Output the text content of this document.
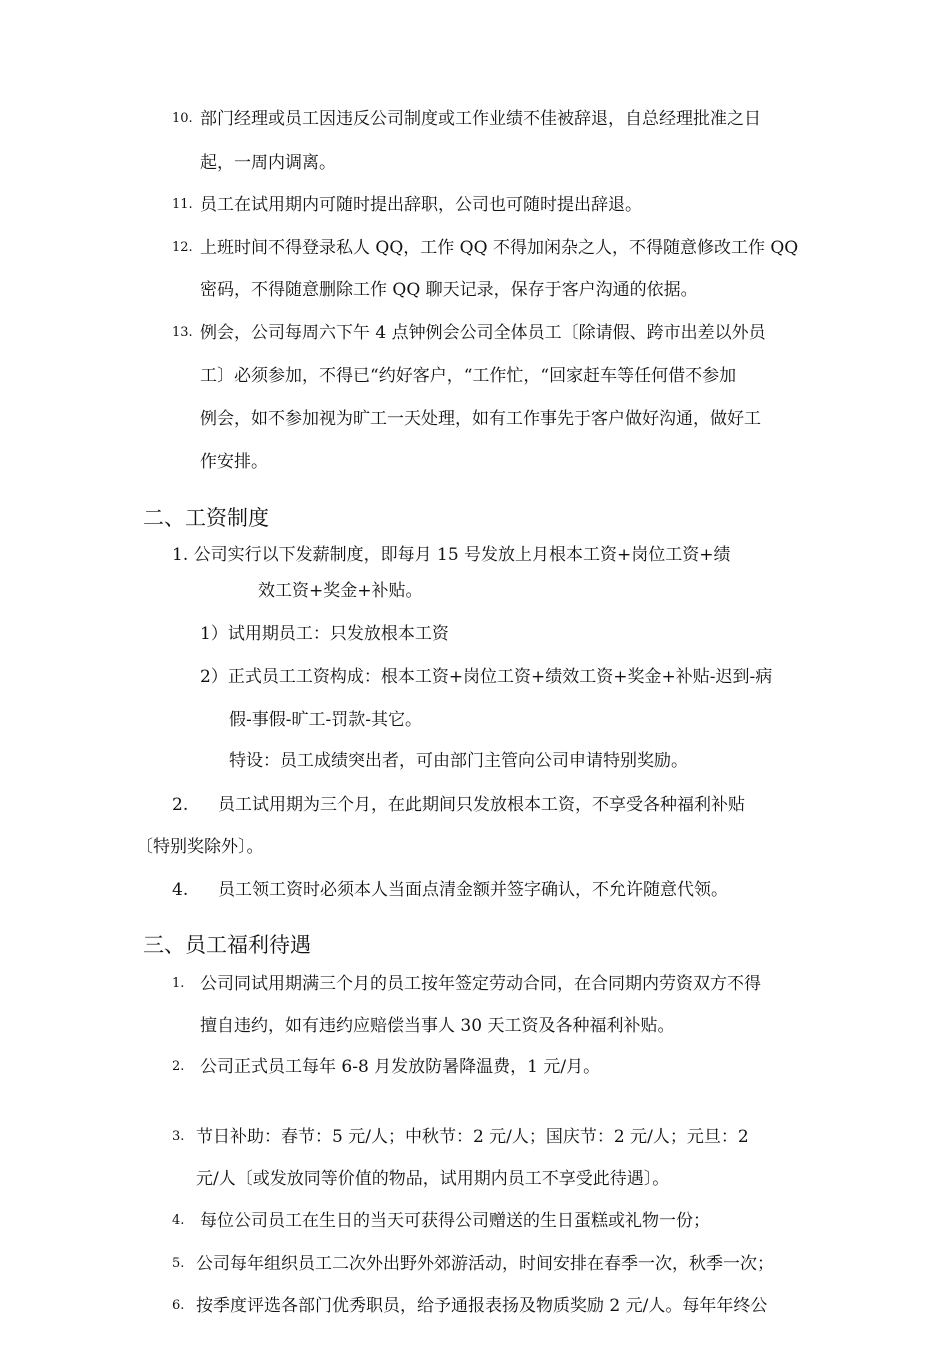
10. 部门经理或员工因违反公司制度或工作业绩不佳被辞退，自总经理批准之日
起，一周内调离。
11. 员工在试用期内可随时提出辞职，公司也可随时提出辞退。
12. 上班时间不得登录私人 QQ，工作 QQ 不得加闲杂之人，不得随意修改工作 QQ
密码，不得随意删除工作 QQ 聊天记录，保存于客户沟通的依据。
13. 例会，公司每周六下午 4 点钟例会公司全体员工〔除请假、跨市出差以外员
工〕必须参加，不得已“约好客户，“工作忙，“回家赶车等任何借不参加
例会，如不参加视为旷工一天处理，如有工作事先于客户做好沟通，做好工
作安排。
二、工资制度
1. 公司实行以下发薪制度，即每月 15 号发放上月根本工资+岗位工资+绩
效工资+奖金+补贴。
1）试用期员工：只发放根本工资
2）正式员工工资构成：根本工资+岗位工资+绩效工资+奖金+补贴-迟到-病
假-事假-旷工-罚款-其它。
特设：员工成绩突出者，可由部门主管向公司申请特别奖励。
2. 员工试用期为三个月，在此期间只发放根本工资，不享受各种福利补贴
〔特别奖除外〕。
4. 员工领工资时必须本人当面点清金额并签字确认，不允许随意代领。
三、员工福利待遇
1. 公司同试用期满三个月的员工按年签定劳动合同，在合同期内劳资双方不得
擅自违约，如有违约应赔偿当事人 30 天工资及各种福利补贴。
2. 公司正式员工每年 6-8 月发放防暑降温费，1 元/月。
3. 节日补助：春节：5 元/人；中秋节：2 元/人；国庆节：2 元/人；元旦：2
元/人〔或发放同等价值的物品，试用期内员工不享受此待遇〕。
4. 每位公司员工在生日的当天可获得公司赠送的生日蛋糕或礼物一份；
5. 公司每年组织员工二次外出野外郊游活动，时间安排在春季一次，秋季一次；
6. 按季度评选各部门优秀职员，给予通报表扬及物质奖励 2 元/人。每年年终公
